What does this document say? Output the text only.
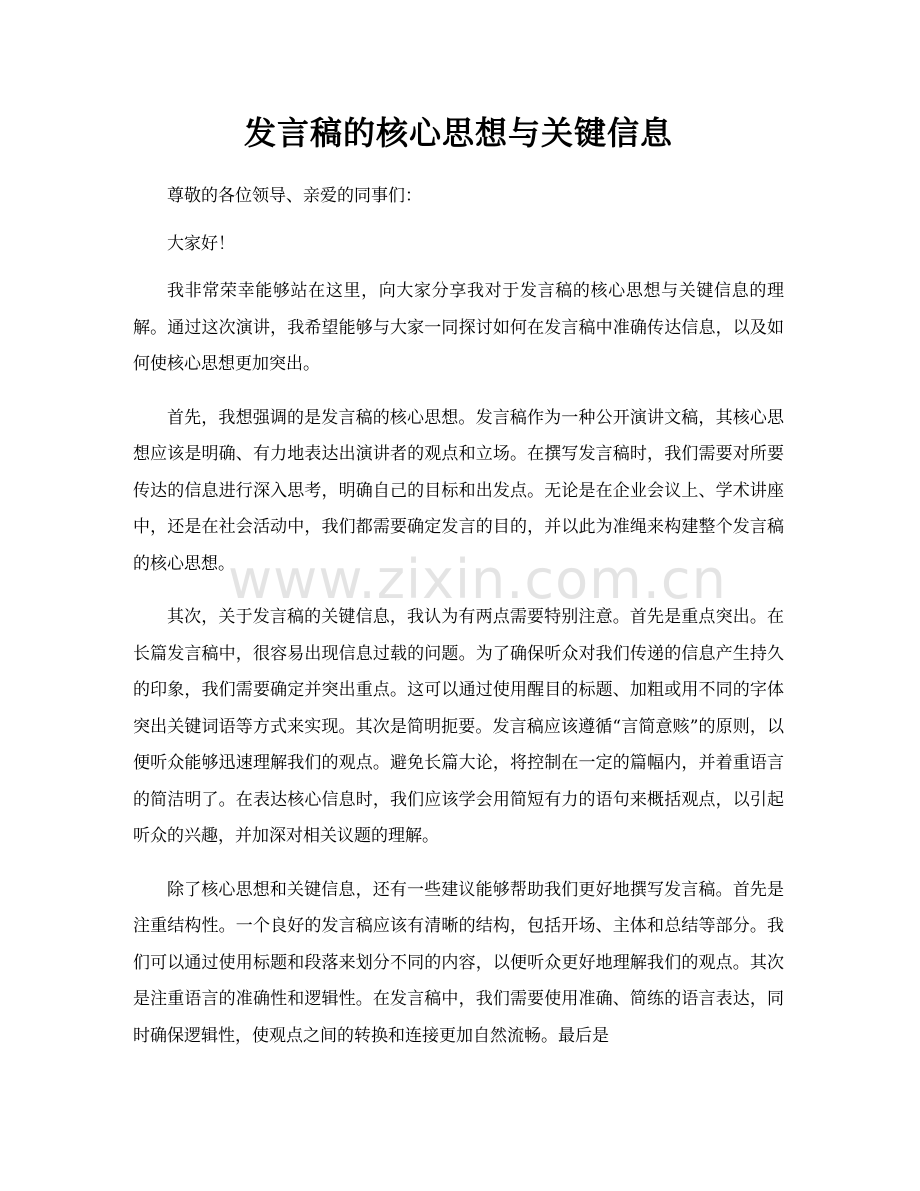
发言稿的核心思想与关键信息

尊敬的各位领导、亲爱的同事们：

大家好！

我非常荣幸能够站在这里，向大家分享我对于发言稿的核心思想与关键信息的理解。通过这次演讲，我希望能够与大家一同探讨如何在发言稿中准确传达信息，以及如何使核心思想更加突出。

首先，我想强调的是发言稿的核心思想。发言稿作为一种公开演讲文稿，其核心思想应该是明确、有力地表达出演讲者的观点和立场。在撰写发言稿时，我们需要对所要传达的信息进行深入思考，明确自己的目标和出发点。无论是在企业会议上、学术讲座中，还是在社会活动中，我们都需要确定发言的目的，并以此为准绳来构建整个发言稿的核心思想。

其次，关于发言稿的关键信息，我认为有两点需要特别注意。首先是重点突出。在长篇发言稿中，很容易出现信息过载的问题。为了确保听众对我们传递的信息产生持久的印象，我们需要确定并突出重点。这可以通过使用醒目的标题、加粗或用不同的字体突出关键词语等方式来实现。其次是简明扼要。发言稿应该遵循“言简意赅”的原则，以便听众能够迅速理解我们的观点。避免长篇大论，将控制在一定的篇幅内，并着重语言的简洁明了。在表达核心信息时，我们应该学会用简短有力的语句来概括观点，以引起听众的兴趣，并加深对相关议题的理解。

除了核心思想和关键信息，还有一些建议能够帮助我们更好地撰写发言稿。首先是注重结构性。一个良好的发言稿应该有清晰的结构，包括开场、主体和总结等部分。我们可以通过使用标题和段落来划分不同的内容，以便听众更好地理解我们的观点。其次是注重语言的准确性和逻辑性。在发言稿中，我们需要使用准确、简练的语言表达，同时确保逻辑性，使观点之间的转换和连接更加自然流畅。最后是

www.zixin.com.cn
